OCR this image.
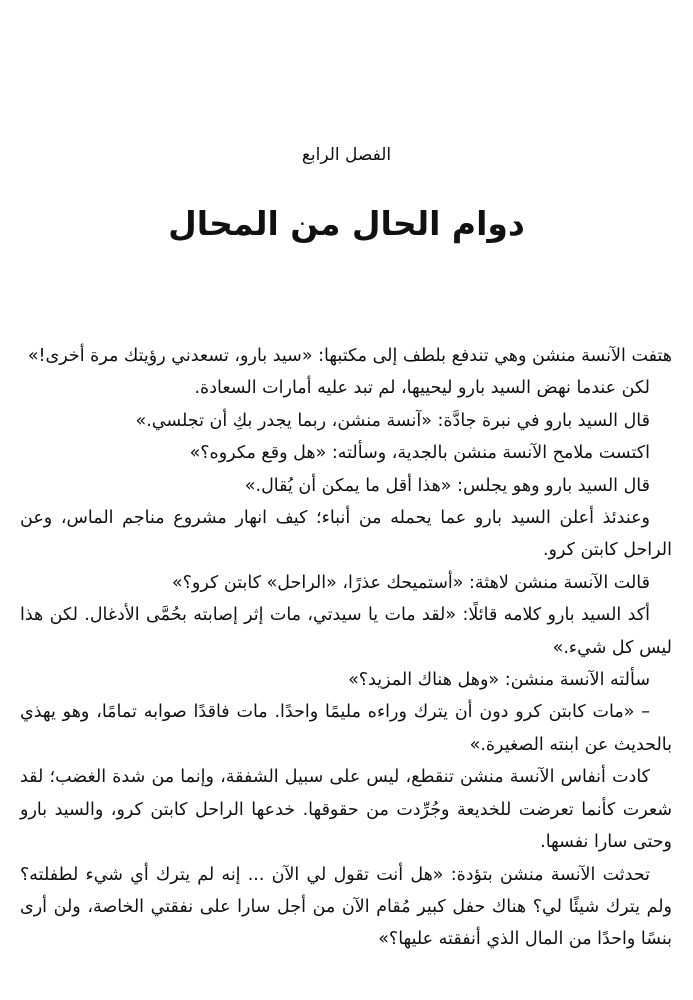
الفصل الرابع
دوام الحال من المحال

هتفت الآنسة منشن وهي تندفع بلطف إلى مكتبها: «سيد بارو، تسعدني رؤيتك مرة أخرى!»

لكن عندما نهض السيد بارو ليحييها، لم تبد عليه أمارات السعادة.

قال السيد بارو في نبرة جادَّة: «آنسة منشن، ربما يجدر بكِ أن تجلسي.»

اكتست ملامح الآنسة منشن بالجدية، وسألته: «هل وقع مكروه؟»

قال السيد بارو وهو يجلس: «هذا أقل ما يمكن أن يُقال.»

وعندئذ أعلن السيد بارو عما يحمله من أنباء؛ كيف انهار مشروع مناجم الماس، وعن الراحل كابتن كرو.

قالت الآنسة منشن لاهثة: «أستميحك عذرًا، «الراحل» كابتن كرو؟»

أكد السيد بارو كلامه قائلًا: «لقد مات يا سيدتي، مات إثر إصابته بحُمَّى الأدغال. لكن هذا ليس كل شيء.»

سألته الآنسة منشن: «وهل هناك المزيد؟»

– «مات كابتن كرو دون أن يترك وراءه مليمًا واحدًا. مات فاقدًا صوابه تمامًا، وهو يهذي بالحديث عن ابنته الصغيرة.»

كادت أنفاس الآنسة منشن تنقطع، ليس على سبيل الشفقة، وإنما من شدة الغضب؛ لقد شعرت كأنما تعرضت للخديعة وجُرِّدت من حقوقها. خدعها الراحل كابتن كرو، والسيد بارو وحتى سارا نفسها.

تحدثت الآنسة منشن بتؤدة: «هل أنت تقول لي الآن ... إنه لم يترك أي شيء لطفلته؟ ولم يترك شيئًا لي؟ هناك حفل كبير مُقام الآن من أجل سارا على نفقتي الخاصة، ولن أرى بنسًا واحدًا من المال الذي أنفقته عليها؟»
